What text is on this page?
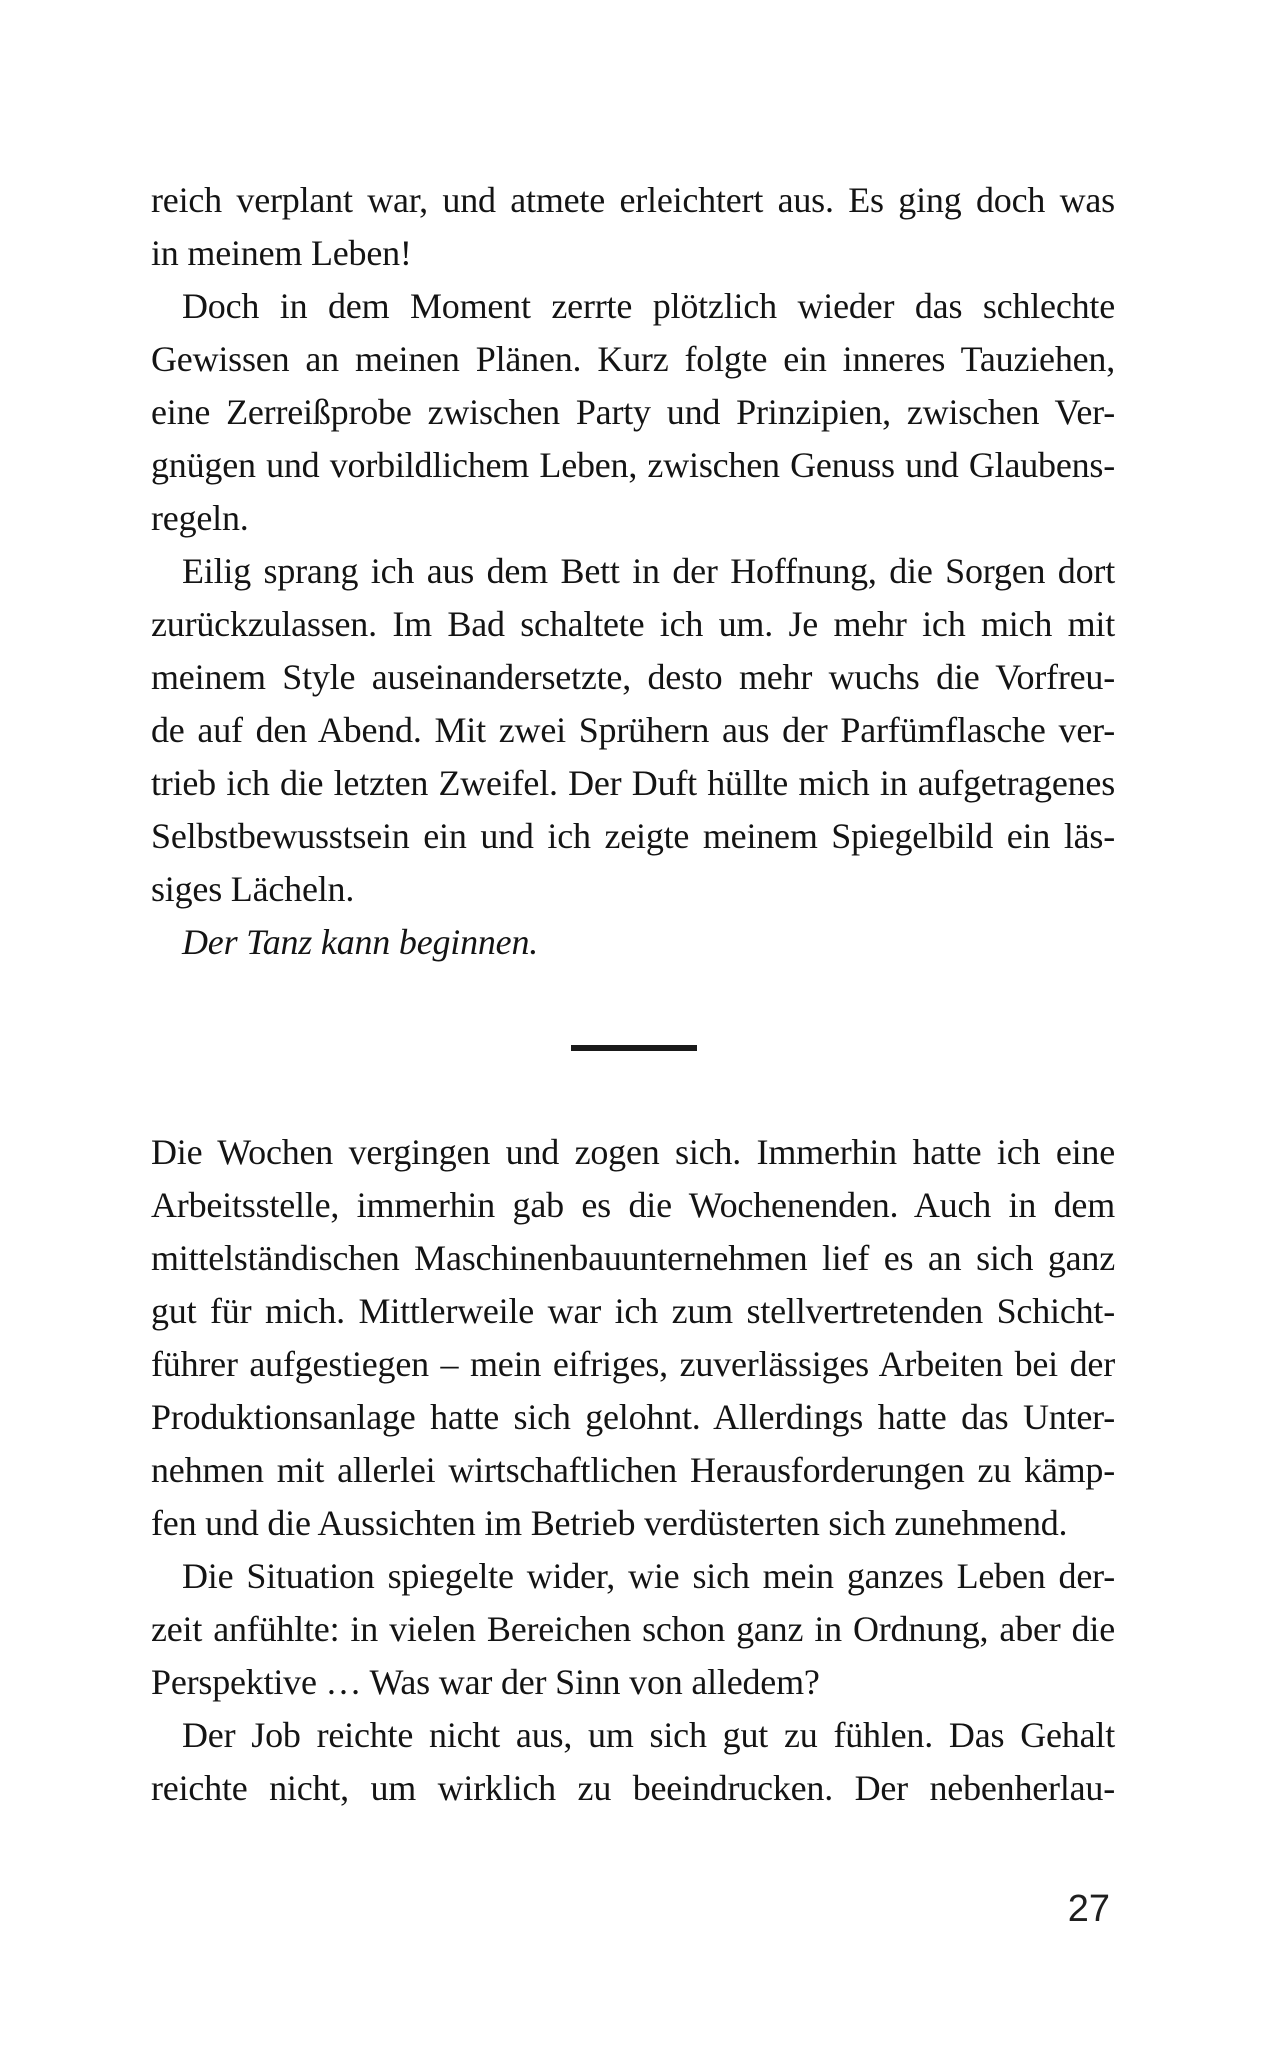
reich verplant war, und atmete erleichtert aus. Es ging doch was
in meinem Leben!
Doch in dem Moment zerrte plötzlich wieder das schlechte
Gewissen an meinen Plänen. Kurz folgte ein inneres Tauziehen,
eine Zerreißprobe zwischen Party und Prinzipien, zwischen Ver-
gnügen und vorbildlichem Leben, zwischen Genuss und Glaubens-
regeln.
Eilig sprang ich aus dem Bett in der Hoffnung, die Sorgen dort
zurückzulassen. Im Bad schaltete ich um. Je mehr ich mich mit
meinem Style auseinandersetzte, desto mehr wuchs die Vorfreu-
de auf den Abend. Mit zwei Sprühern aus der Parfümflasche ver-
trieb ich die letzten Zweifel. Der Duft hüllte mich in aufgetragenes
Selbstbewusstsein ein und ich zeigte meinem Spiegelbild ein läs-
siges Lächeln.
Der Tanz kann beginnen.
Die Wochen vergingen und zogen sich. Immerhin hatte ich eine
Arbeitsstelle, immerhin gab es die Wochenenden. Auch in dem
mittelständischen Maschinenbauunternehmen lief es an sich ganz
gut für mich. Mittlerweile war ich zum stellvertretenden Schicht-
führer aufgestiegen – mein eifriges, zuverlässiges Arbeiten bei der
Produktionsanlage hatte sich gelohnt. Allerdings hatte das Unter-
nehmen mit allerlei wirtschaftlichen Herausforderungen zu kämp-
fen und die Aussichten im Betrieb verdüsterten sich zunehmend.
Die Situation spiegelte wider, wie sich mein ganzes Leben der-
zeit anfühlte: in vielen Bereichen schon ganz in Ordnung, aber die
Perspektive … Was war der Sinn von alledem?
Der Job reichte nicht aus, um sich gut zu fühlen. Das Gehalt
reichte nicht, um wirklich zu beeindrucken. Der nebenherlau-
27
